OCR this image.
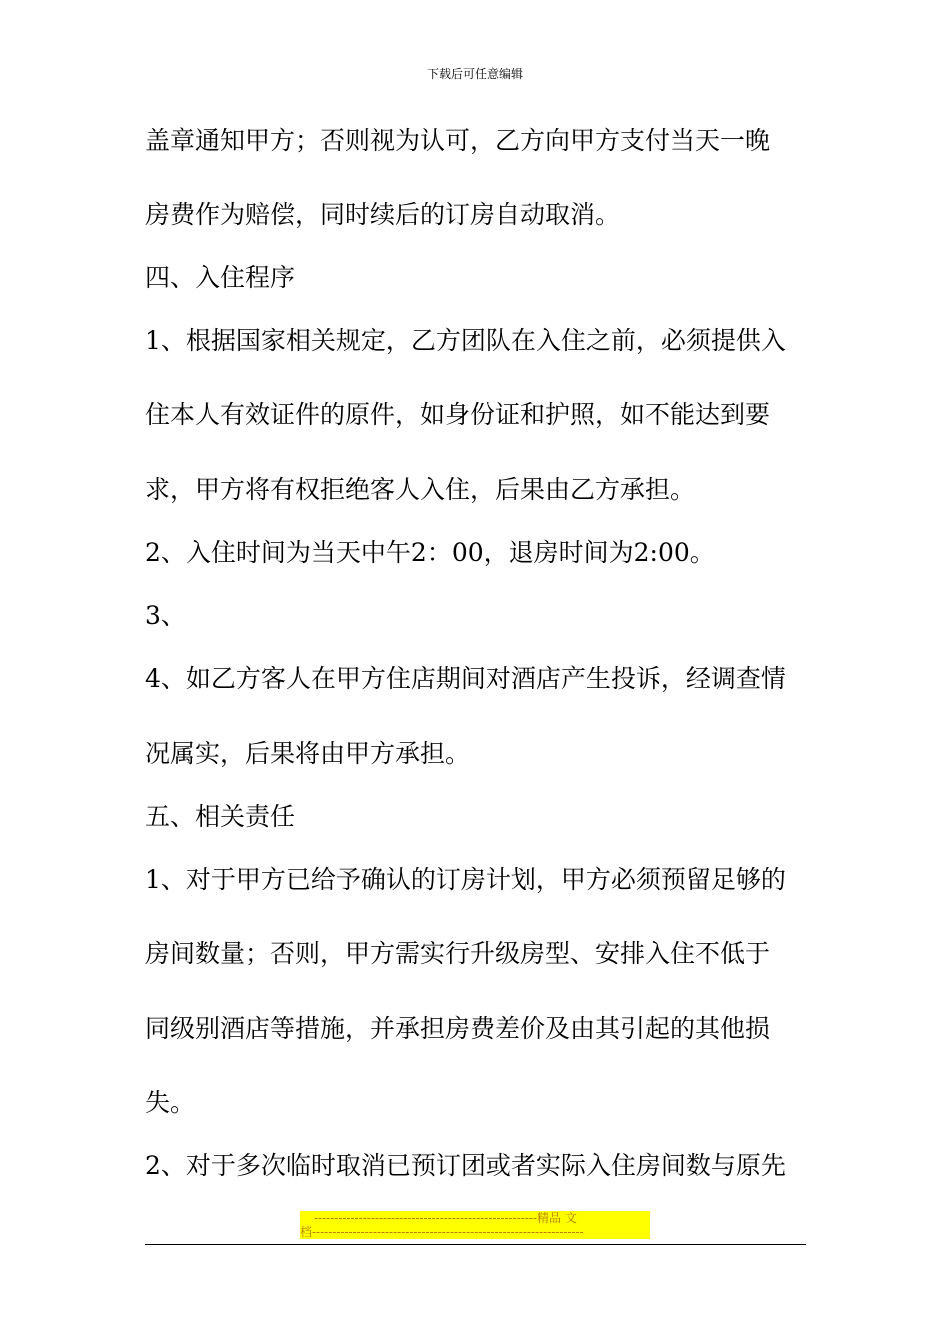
下载后可任意编辑
盖章通知甲方；否则视为认可，乙方向甲方支付当天一晚
房费作为赔偿，同时续后的订房自动取消。
四、入住程序
1、根据国家相关规定，乙方团队在入住之前，必须提供入
住本人有效证件的原件，如身份证和护照，如不能达到要
求，甲方将有权拒绝客人入住，后果由乙方承担。
2、入住时间为当天中午2：00，退房时间为2:00。
3、
4、如乙方客人在甲方住店期间对酒店产生投诉，经调查情
况属实，后果将由甲方承担。
五、相关责任
1、对于甲方已给予确认的订房计划，甲方必须预留足够的
房间数量；否则，甲方需实行升级房型、安排入住不低于
同级别酒店等措施，并承担房费差价及由其引起的其他损
失。
2、对于多次临时取消已预订团或者实际入住房间数与原先
-------------------------------------------------------精品 文
档-------------------------------------------------------------------
